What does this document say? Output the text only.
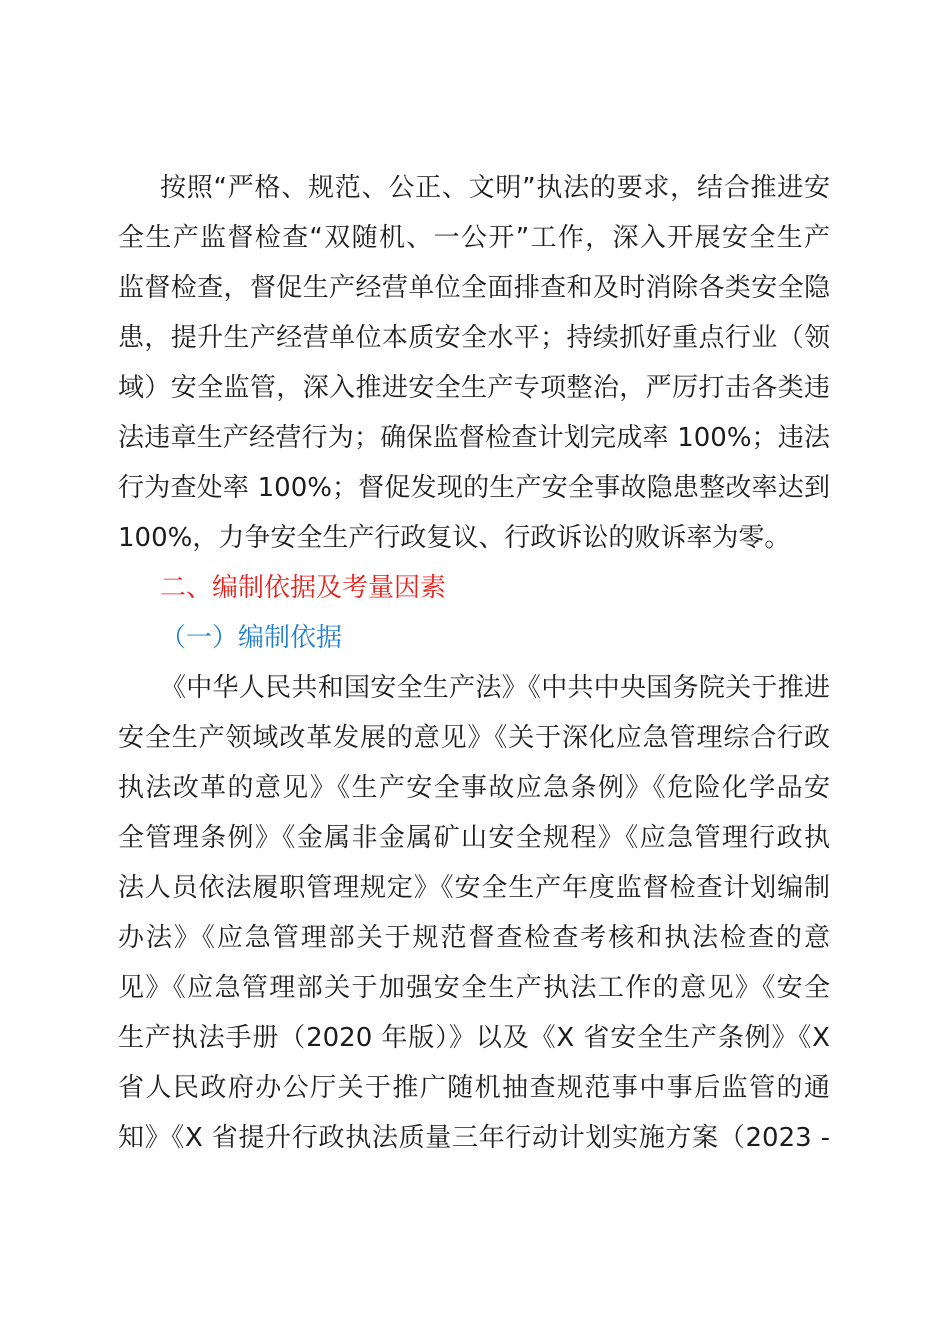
按照“严格、规范、公正、文明”执法的要求，结合推进安
全生产监督检查“双随机、一公开”工作，深入开展安全生产
监督检查，督促生产经营单位全面排查和及时消除各类安全隐
患，提升生产经营单位本质安全水平；持续抓好重点行业（领
域）安全监管，深入推进安全生产专项整治，严厉打击各类违
法违章生产经营行为；确保监督检查计划完成率 100%；违法
行为查处率 100%；督促发现的生产安全事故隐患整改率达到
100%，力争安全生产行政复议、行政诉讼的败诉率为零。
二、编制依据及考量因素
（一）编制依据
《中华人民共和国安全生产法》《中共中央国务院关于推进
安全生产领域改革发展的意见》《关于深化应急管理综合行政
执法改革的意见》《生产安全事故应急条例》《危险化学品安
全管理条例》《金属非金属矿山安全规程》《应急管理行政执
法人员依法履职管理规定》《安全生产年度监督检查计划编制
办法》《应急管理部关于规范督查检查考核和执法检查的意
见》《应急管理部关于加强安全生产执法工作的意见》《安全
生产执法手册（2020 年版）》以及《X 省安全生产条例》《X
省人民政府办公厅关于推广随机抽查规范事中事后监管的通
知》《X 省提升行政执法质量三年行动计划实施方案（2023 -
